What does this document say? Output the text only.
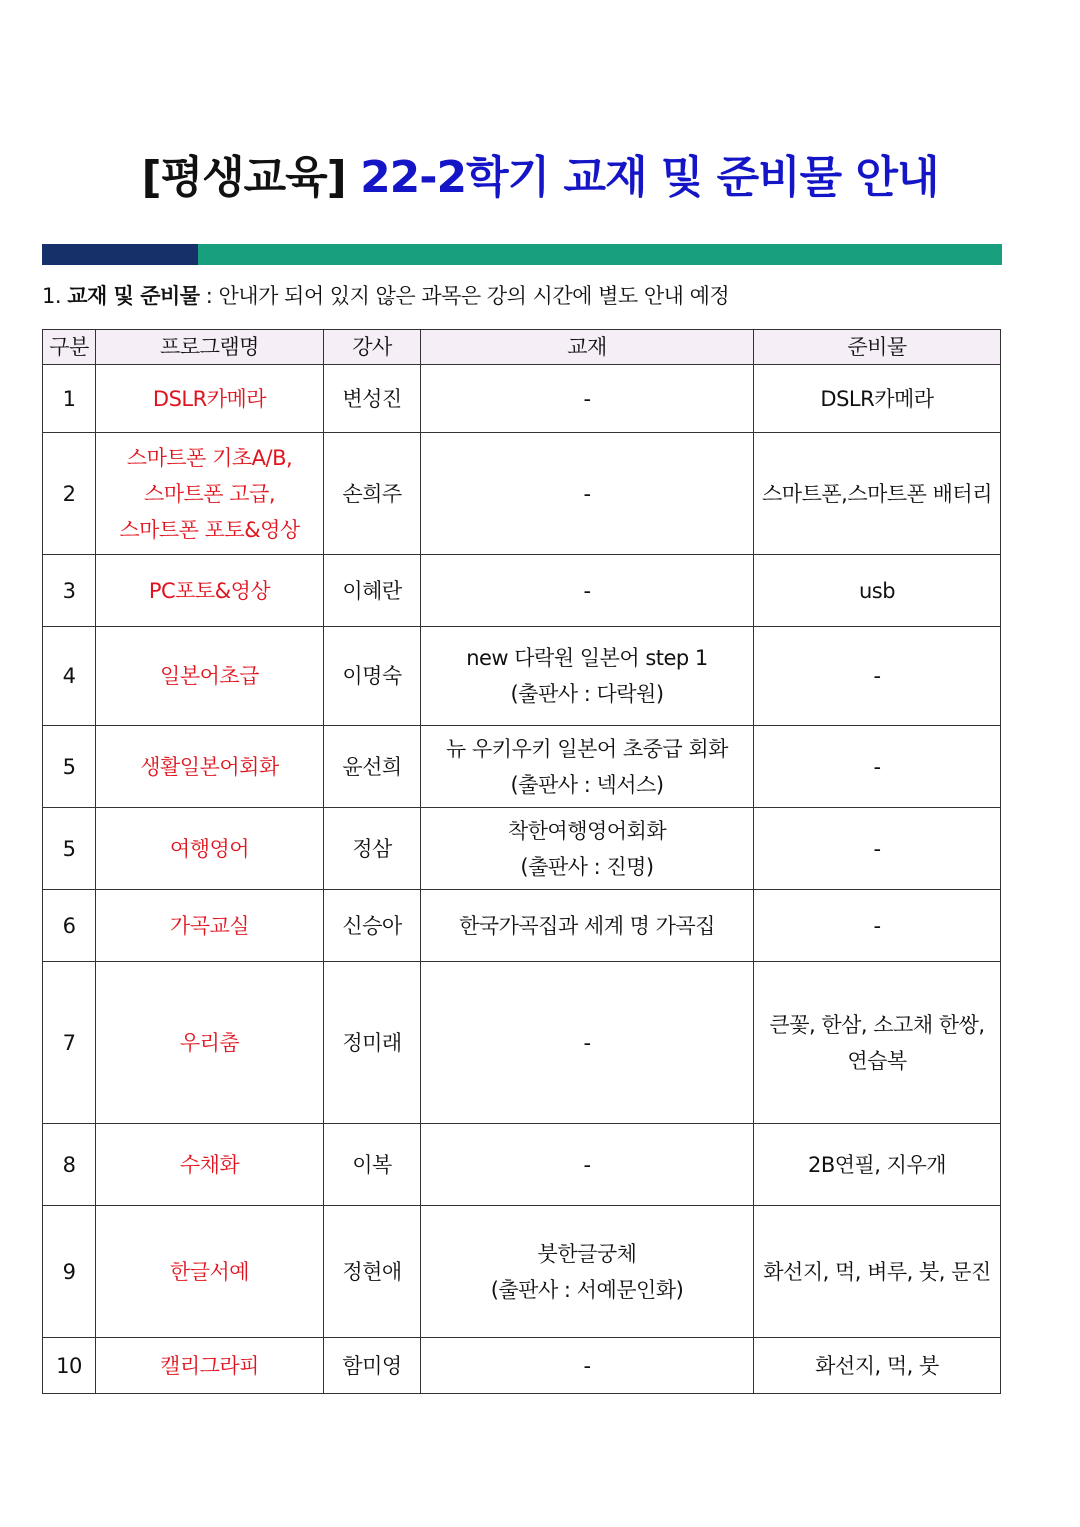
[평생교육] 22-2학기 교재 및 준비물 안내
1. 교재 및 준비물 : 안내가 되어 있지 않은 과목은 강의 시간에 별도 안내 예정
구분	프로그램명	강사	교재	준비물
1	DSLR카메라	변성진	-	DSLR카메라

2	스마트폰 기초A/B,
스마트폰 고급,
스마트폰 포토&영상	손희주	-	스마트폰,스마트폰 배터리

3	PC포토&영상	이혜란	-	usb

4	일본어초급	이명숙	new 다락원 일본어 step 1
(출판사 : 다락원)	-

5	생활일본어회화	윤선희	뉴 우키우키 일본어 초중급 회화
(출판사 : 넥서스)	-

5	여행영어	정삼	착한여행영어회화
(출판사 : 진명)	-

6	가곡교실	신승아	한국가곡집과 세계 명 가곡집	-

7	우리춤	정미래	-	큰꽃, 한삼, 소고채 한쌍,
연습복

8	수채화	이복	-	2B연필, 지우개

9	한글서예	정현애	붓한글궁체
(출판사 : 서예문인화)	화선지, 먹, 벼루, 붓, 문진

10	캘리그라피	함미영	-	화선지, 먹, 붓
